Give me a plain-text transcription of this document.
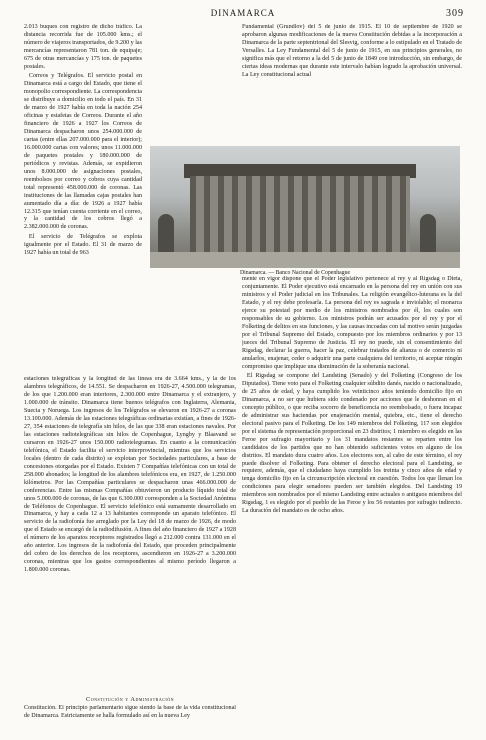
DINAMARCA	309

2.013 buques con registro de dicho tráfico. La distancia recorrida fue de 105.000 kms.; el número de viajeros transportados, de 9.200 y las mercancías representaron 781 ton. de equipaje; 675 de otras mercancías y 175 ton. de paquetes postales.

Correos y Telégrafos. El servicio postal en Dinamarca está a cargo del Estado, que tiene el monopolio correspondiente. La correspondencia se distribuye a domicilio en todo el país. En 31 de marzo de 1927 había en toda la nación 254 oficinas y estafetas de Correos. Durante el año financiero de 1926 a 1927 los Correos de Dinamarca despacharon unos 254.000.000 de cartas (entre ellas 207.000.000 para el interior); 16.000.000 cartas con valores; unos 11.000.000 de paquetes postales y 180.000.000 de periódicos y revistas. Además, se expidieron unos 8.000.000 de asignaciones postales, reembolsos por correo y cobros cuya cantidad total representó 458.000.000 de coronas. Las instituciones de las llamadas cajas postales han aumentado día a día: de 1926 a 1927 había 12.315 que tenían cuenta corriente en el correo, y la cantidad de los cobros llegó a 2.382.000.000 de coronas.

El servicio de Telégrafos se explota igualmente por el Estado. El 31 de marzo de 1927 había un total de 963

Dinamarca. — Banco Nacional de Copenhague

Fundamental (Grundlov) del 5 de junio de 1915. El 10 de septiembre de 1920 se aprobaron algunas modificaciones de la nueva Constitución debidas a la incorporación a Dinamarca de la parte septentrional del Slesvig, conforme a lo estipulado en el Tratado de Versalles. La Ley Fundamental del 5 de junio de 1915, en sus principios generales, no significa más que el retorno a la del 5 de junio de 1849 con introducción, sin embargo, de ciertas ideas modernas que durante este intervalo habían logrado la aprobación universal. La Ley constitucional actual

estaciones telegráficas y la longitud de las líneas era de 3.664 kms., y la de los alambres telegráficos, de 14.551. Se despacharon en 1926-27, 4.500.000 telegramas, de los que 1.200.000 eran interiores, 2.300.000 entre Dinamarca y el extranjero, y 1.000.000 de tránsito. Dinamarca tiene buenos telégrafos con Inglaterra, Alemania, Suecia y Noruega. Los ingresos de los Telégrafos se elevaron en 1926-27 a coronas 13.100.000. Además de las estaciones telegráficas ordinarias existían, a fines de 1926-27, 354 estaciones de telegrafía sin hilos, de las que 338 eran estaciones navales. Por las estaciones radiotelegráficas sin hilos de Copenhague, Lyngby y Blaavand se cursaron en 1926-27 unos 150.000 radiotelegramas. En cuanto a la comunicación telefónica, el Estado facilita el servicio interprovincial, mientras que los servicios locales (dentro de cada distrito) se explotan por Sociedades particulares, a base de concesiones otorgadas por el Estado. Existen 7 Compañías telefónicas con un total de 258.000 abonados; la longitud de los alambres telefónicos era, en 1927, de 1.250.000 kilómetros. Por las Compañías particulares se despacharon unas 466.000.000 de conferencias. Entre las mismas Compañías obtuvieron un producto líquido total de unos 5.000.000 de coronas, de las que 6.300.000 corresponden a la Sociedad Anónima de Teléfonos de Copenhague. El servicio telefónico está sumamente desarrollado en Dinamarca, y hay a cada 12 a 13 habitantes corresponde un aparato telefónico. El servicio de la radiofonía fue arreglado por la Ley del 18 de marzo de 1926, de modo que el Estado se encargó de la radiodifusión. A fines del año financiero de 1927 a 1928 el número de los aparatos receptores registrados llegó a 212.000 contra 131.000 en el año anterior. Los ingresos de la radiofonía del Estado, que proceden principalmente del cobro de los derechos de los receptores, ascendieron en 1926-27 a 3.200.000 coronas, mientras que los gastos correspondientes al mismo período llegaron a 1.800.000 coronas.

mente en vigor dispone que el Poder legislativo pertenece al rey y al Rigsdag o Dieta, conjuntamente. El Poder ejecutivo está encarnado en la persona del rey en unión con sus ministros y el Poder judicial en los Tribunales. La religión evangélico-luterana es la del Estado, y el rey debe profesarla. La persona del rey es sagrada e inviolable; el monarca ejerce su potestad por medio de los ministros nombrados por él, los cuales son responsables de su gobierno. Los ministros podrán ser acusados por el rey y por el Folketing de delitos en sus funciones, y las causas incoadas con tal motivo serán juzgadas por el Tribunal Supremo del Estado, compuesto por los miembros ordinarios y por 13 jueces del Tribunal Supremo de Justicia. El rey no puede, sin el consentimiento del Rigsdag, declarar la guerra, hacer la paz, celebrar tratados de alianza o de comercio ni anularlos, enajenar, ceder o adquirir una parte cualquiera del territorio, ni aceptar ningún compromiso que implique una disminución de la soberanía nacional.

El Rigsdag se compone del Landsting (Senado) y del Folketing (Congreso de los Diputados). Tiene voto para el Folketing cualquier súbdito danés, nacido o nacionalizado, de 25 años de edad, y haya cumplido los veinticinco años teniendo domicilio fijo en Dinamarca, a no ser que hubiera sido condenado por acciones que le deshonran en el concepto público, o que reciba socorro de beneficencia no reembolsado, o fuera incapaz de administrar sus haciendas por enajenación mental, quiebra, etc., tiene el derecho electoral pasivo para el Folketing. De los 149 miembros del Folketing, 117 son elegidos por el sistema de representación proporcional en 23 distritos; 1 miembro es elegido en las Feroe por sufragio mayoritario y los 31 mandatos restantes se reparten entre los candidatos de los partidos que no han obtenido suficientes votos en alguno de los distritos. El mandato dura cuatro años. Los electores son, al cabo de este término, el rey puede disolver el Folketing. Para obtener el derecho electoral para el Landsting, se requiere, además, que el ciudadano haya cumplido los treinta y cinco años de edad y tenga domicilio fijo en la circunscripción electoral en cuestión. Todos los que llenan los condiciones para elegir senadores pueden ser también elegidos. Del Landsting 19 miembros son nombrados por el mismo Landsting entre actuales o antiguos miembros del Rigsdag, 1 es elegido por el pueblo de las Feroe y los 56 restantes por sufragio indirecto. La duración del mandato es de ocho años.

Constitución y Administración
Constitución. El principio parlamentario sigue siendo la base de la vida constitucional de Dinamarca. Estrictamente se halla formulado así en la nueva Ley
